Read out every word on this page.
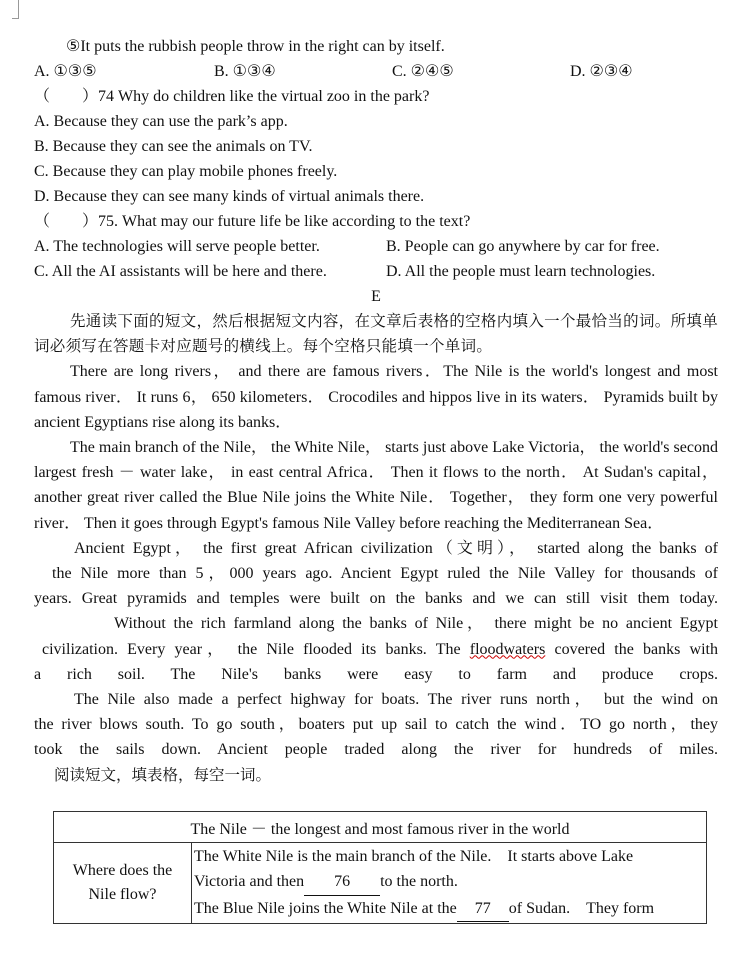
⑤It puts the rubbish people throw in the right can by itself.
A. ①③⑤	B. ①③④	C. ②④⑤	D. ②③④
（　　）74 Why do children like the virtual zoo in the park?
A. Because they can use the park’s app.
B. Because they can see the animals on TV.
C. Because they can play mobile phones freely.
D. Because they can see many kinds of virtual animals there.
（　　）75. What may our future life be like according to the text?
A. The technologies will serve people better.	B. People can go anywhere by car for free.
C. All the AI assistants will be here and there.	D. All the people must learn technologies.
E
先通读下面的短文，然后根据短文内容，在文章后表格的空格内填入一个最恰当的词。所填单词必须写在答题卡对应题号的横线上。每个空格只能填一个单词。
There are long rivers， and there are famous rivers．The Nile is the world's longest and most famous river． It runs 6， 650 kilometers． Crocodiles and hippos live in its waters． Pyramids built by ancient Egyptians rise along its banks．
The main branch of the Nile， the White Nile， starts just above Lake Victoria， the world's second largest fresh － water lake， in east central Africa． Then it flows to the north． At Sudan's capital， another great river called the Blue Nile joins the White Nile． Together， they form one very powerful river． Then it goes through Egypt's famous Nile Valley before reaching the Mediterranean Sea．
Ancient Egypt， the first great African civilization（文明）， started along the banks of
the Nile more than 5，000 years ago. Ancient Egypt ruled the Nile Valley for thousands of
years. Great pyramids and temples were built on the banks and we can still visit them today.
Without the rich farmland along the banks of Nile， there might be no ancient Egypt
civilization. Every year， the Nile flooded its banks. The floodwaters covered the banks with
a rich soil. The Nile's banks were easy to farm and produce crops.
The Nile also made a perfect highway for boats. The river runs north， but the wind on
the river blows south. To go south，boaters put up sail to catch the wind．TO go north，they
took the sails down. Ancient people traded along the river for hundreds of miles.
阅读短文，填表格，每空一词。
The Nile － the longest and most famous river in the world

Where does the
Nile flow?

The White Nile is the main branch of the Nile.　It starts above Lake
Victoria and then 76 to the north.
The Blue Nile joins the White Nile at the 77 of Sudan.　They form
